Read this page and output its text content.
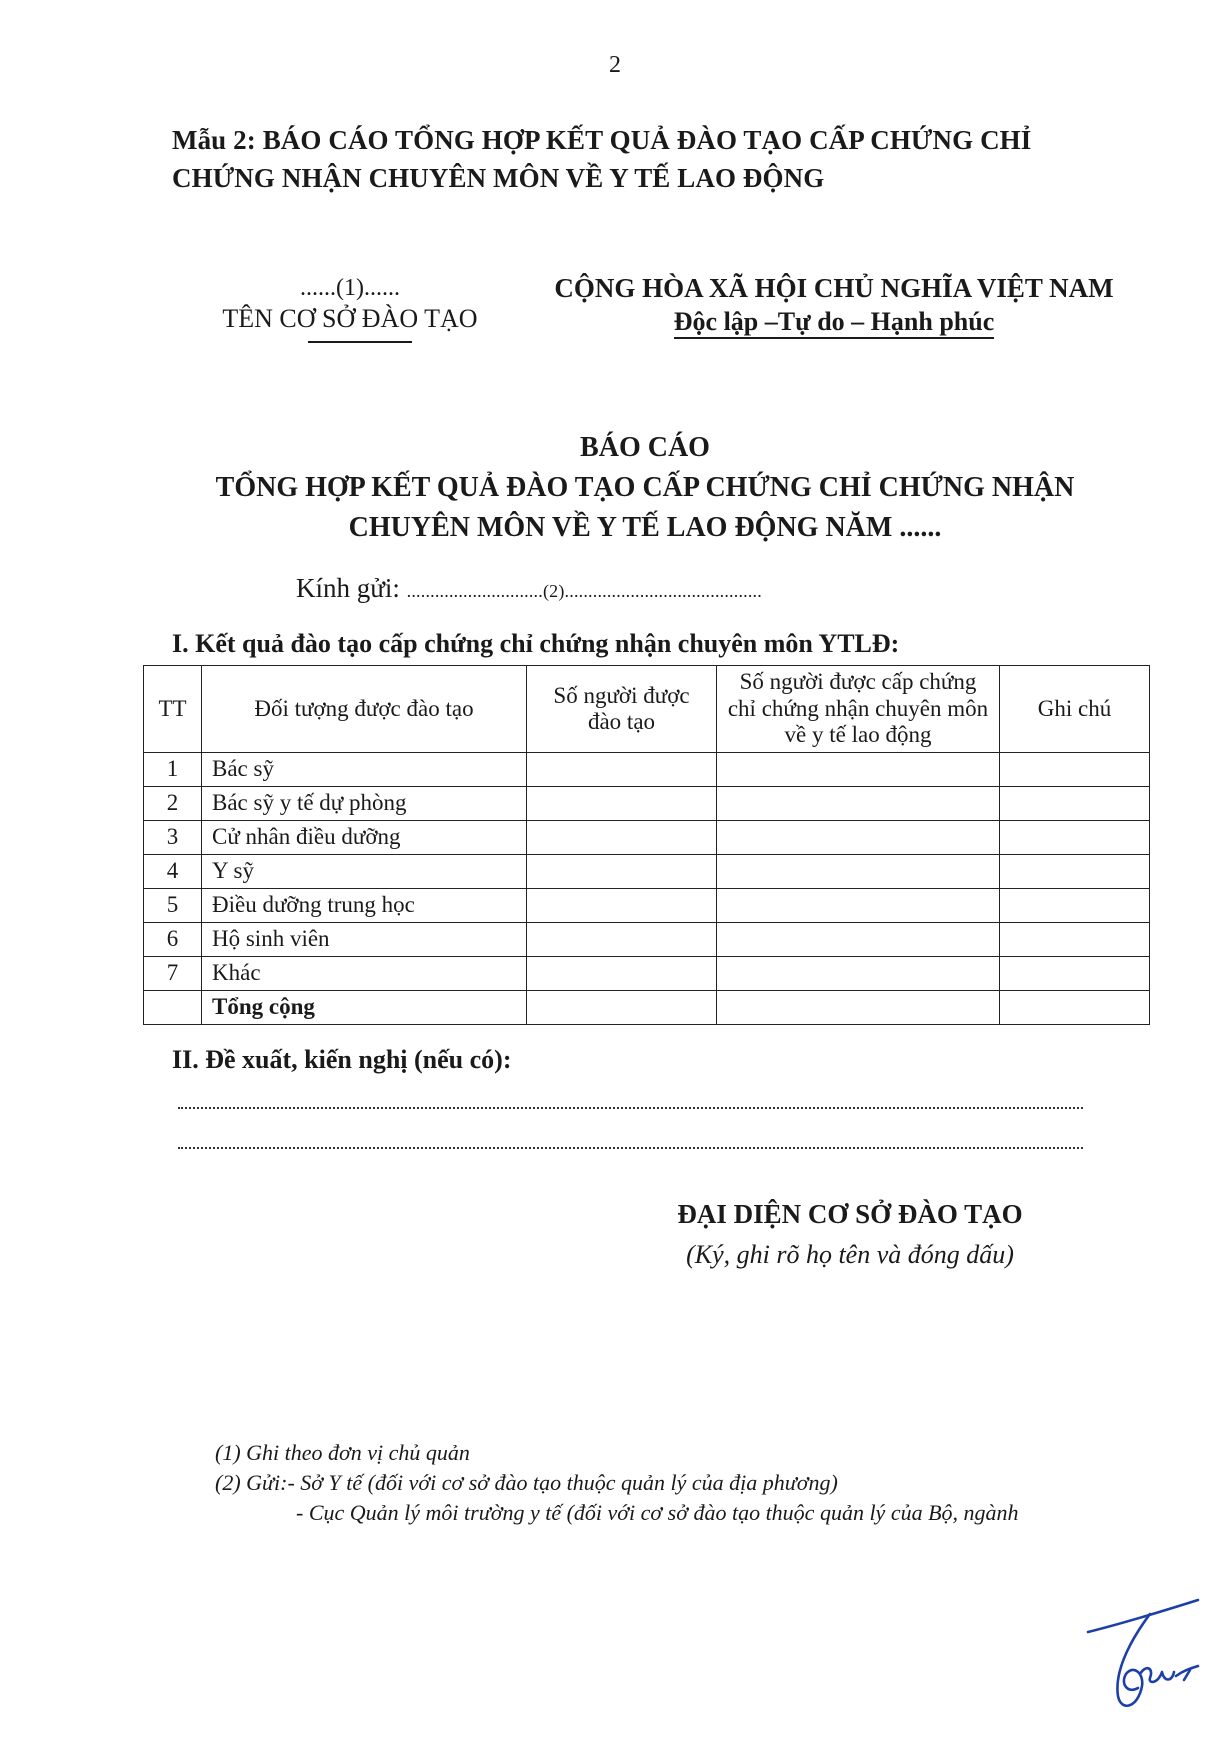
2
Mẫu 2: BÁO CÁO TỔNG HỢP KẾT QUẢ ĐÀO TẠO CẤP CHỨNG CHỈ
CHỨNG NHẬN CHUYÊN MÔN VỀ Y TẾ LAO ĐỘNG
......(1)......
TÊN CƠ SỞ ĐÀO TẠO
CỘNG HÒA XÃ HỘI CHỦ NGHĨA VIỆT NAM
Độc lập –Tự do – Hạnh phúc
BÁO CÁO
TỔNG HỢP KẾT QUẢ ĐÀO TẠO CẤP CHỨNG CHỈ CHỨNG NHẬN
CHUYÊN MÔN VỀ Y TẾ LAO ĐỘNG NĂM ......
Kính gửi: .............................(2)..........................................
I. Kết quả đào tạo cấp chứng chỉ chứng nhận chuyên môn YTLĐ:
TT	Đối tượng được đào tạo	Số người được đào tạo	Số người được cấp chứng chỉ chứng nhận chuyên môn về y tế lao động	Ghi chú
1	Bác sỹ			
2	Bác sỹ y tế dự phòng			
3	Cử nhân điều dưỡng			
4	Y sỹ			
5	Điều dưỡng trung học			
6	Hộ sinh viên			
7	Khác			
	Tổng cộng			
II. Đề xuất, kiến nghị (nếu có):
ĐẠI DIỆN CƠ SỞ ĐÀO TẠO
(Ký, ghi rõ họ tên và đóng dấu)
(1) Ghi theo đơn vị chủ quản
(2) Gửi:- Sở Y tế (đối với cơ sở đào tạo thuộc quản lý của địa phương)
- Cục Quản lý môi trường y tế (đối với cơ sở đào tạo thuộc quản lý của Bộ, ngành
